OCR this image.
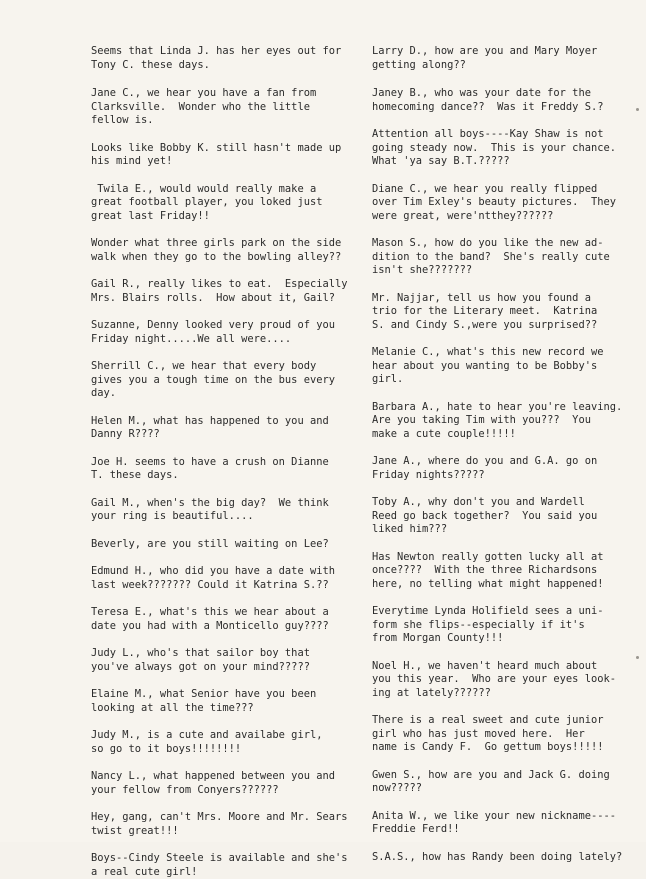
Seems that Linda J. has her eyes out for
Tony C. these days.

Jane C., we hear you have a fan from
Clarksville.  Wonder who the little
fellow is.

Looks like Bobby K. still hasn't made up
his mind yet!

Twila E., would would really make a
great football player, you loked just
great last Friday!!

Wonder what three girls park on the side
walk when they go to the bowling alley??

Gail R., really likes to eat.  Especially
Mrs. Blairs rolls.  How about it, Gail?

Suzanne, Denny looked very proud of you
Friday night.....We all were....

Sherrill C., we hear that every body
gives you a tough time on the bus every
day.

Helen M., what has happened to you and
Danny R????

Joe H. seems to have a crush on Dianne
T. these days.

Gail M., when's the big day?  We think
your ring is beautiful....

Beverly, are you still waiting on Lee?

Edmund H., who did you have a date with
last week??????? Could it Katrina S.??

Teresa E., what's this we hear about a
date you had with a Monticello guy????

Judy L., who's that sailor boy that
you've always got on your mind?????

Elaine M., what Senior have you been
looking at all the time???

Judy M., is a cute and availabe girl,
so go to it boys!!!!!!!!

Nancy L., what happened between you and
your fellow from Conyers??????

Hey, gang, can't Mrs. Moore and Mr. Sears
twist great!!!

Boys--Cindy Steele is available and she's
a real cute girl!

Larry D., how are you and Mary Moyer
getting along??

Janey B., who was your date for the
homecoming dance??  Was it Freddy S.?

Attention all boys----Kay Shaw is not
going steady now.  This is your chance.
What 'ya say B.T.?????

Diane C., we hear you really flipped
over Tim Exley's beauty pictures.  They
were great, were'ntthey??????

Mason S., how do you like the new ad-
dition to the band?  She's really cute
isn't she???????

Mr. Najjar, tell us how you found a
trio for the Literary meet.  Katrina
S. and Cindy S.,were you surprised??

Melanie C., what's this new record we
hear about you wanting to be Bobby's
girl.

Barbara A., hate to hear you're leaving.
Are you taking Tim with you???  You
make a cute couple!!!!!

Jane A., where do you and G.A. go on
Friday nights?????

Toby A., why don't you and Wardell
Reed go back together?  You said you
liked him???

Has Newton really gotten lucky all at
once????  With the three Richardsons
here, no telling what might happened!

Everytime Lynda Holifield sees a uni-
form she flips--especially if it's
from Morgan County!!!

Noel H., we haven't heard much about
you this year.  Who are your eyes look-
ing at lately??????

There is a real sweet and cute junior
girl who has just moved here.  Her
name is Candy F.  Go gettum boys!!!!!

Gwen S., how are you and Jack G. doing
now?????

Anita W., we like your new nickname----
Freddie Ferd!!

S.A.S., how has Randy been doing lately?
